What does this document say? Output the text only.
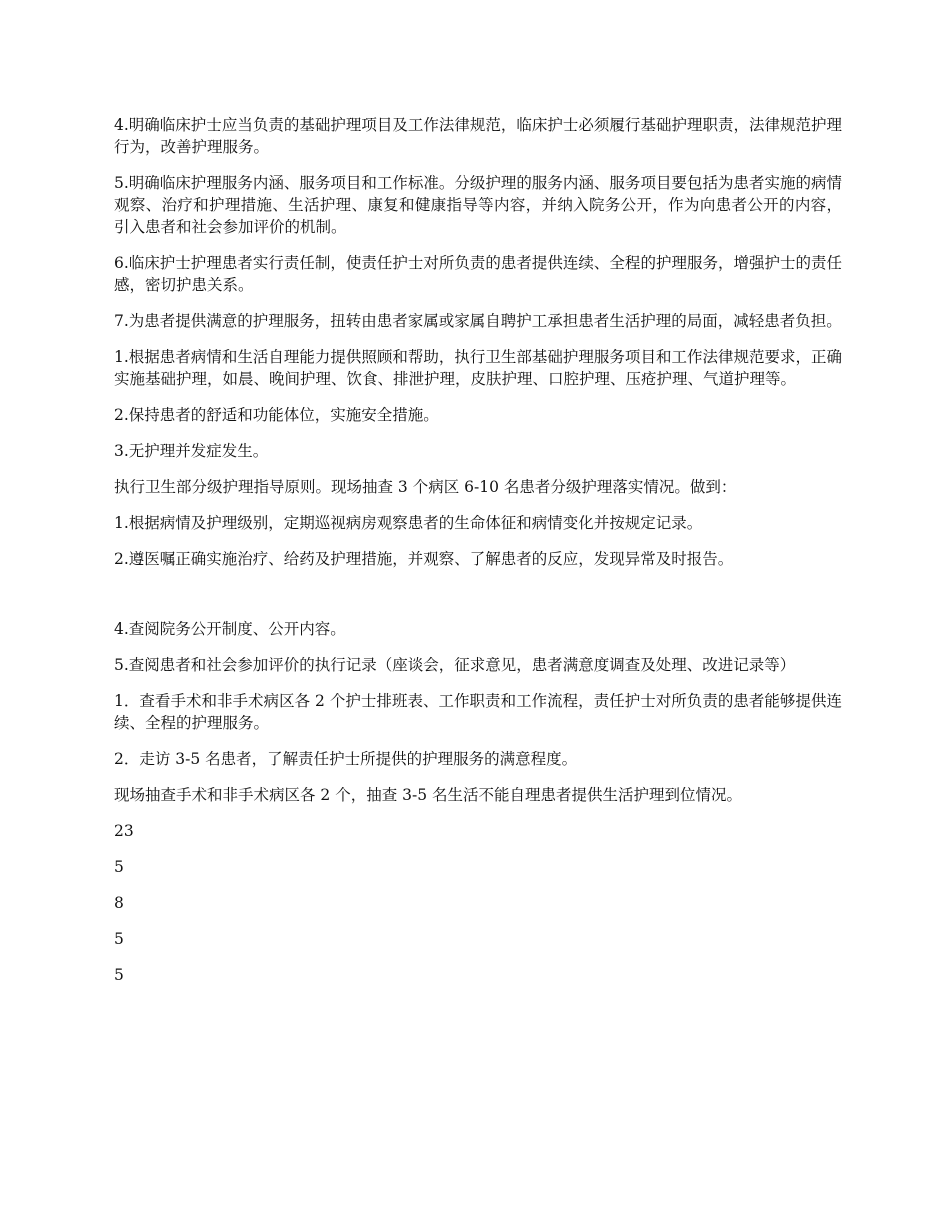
4.明确临床护士应当负责的基础护理项目及工作法律规范，临床护士必须履行基础护理职责，法律规范护理行为，改善护理服务。

5.明确临床护理服务内涵、服务项目和工作标准。分级护理的服务内涵、服务项目要包括为患者实施的病情观察、治疗和护理措施、生活护理、康复和健康指导等内容，并纳入院务公开，作为向患者公开的内容，引入患者和社会参加评价的机制。

6.临床护士护理患者实行责任制，使责任护士对所负责的患者提供连续、全程的护理服务，增强护士的责任感，密切护患关系。

7.为患者提供满意的护理服务，扭转由患者家属或家属自聘护工承担患者生活护理的局面，减轻患者负担。

1.根据患者病情和生活自理能力提供照顾和帮助，执行卫生部基础护理服务项目和工作法律规范要求，正确实施基础护理，如晨、晚间护理、饮食、排泄护理，皮肤护理、口腔护理、压疮护理、气道护理等。

2.保持患者的舒适和功能体位，实施安全措施。

3.无护理并发症发生。

执行卫生部分级护理指导原则。现场抽查 3 个病区 6-10 名患者分级护理落实情况。做到：

1.根据病情及护理级别，定期巡视病房观察患者的生命体征和病情变化并按规定记录。

2.遵医嘱正确实施治疗、给药及护理措施，并观察、了解患者的反应，发现异常及时报告。

4.查阅院务公开制度、公开内容。

5.查阅患者和社会参加评价的执行记录（座谈会，征求意见，患者满意度调查及处理、改进记录等）

1．查看手术和非手术病区各 2 个护士排班表、工作职责和工作流程，责任护士对所负责的患者能够提供连续、全程的护理服务。

2．走访 3-5 名患者，了解责任护士所提供的护理服务的满意程度。

现场抽查手术和非手术病区各 2 个，抽查 3-5 名生活不能自理患者提供生活护理到位情况。

23

5

8

5

5
